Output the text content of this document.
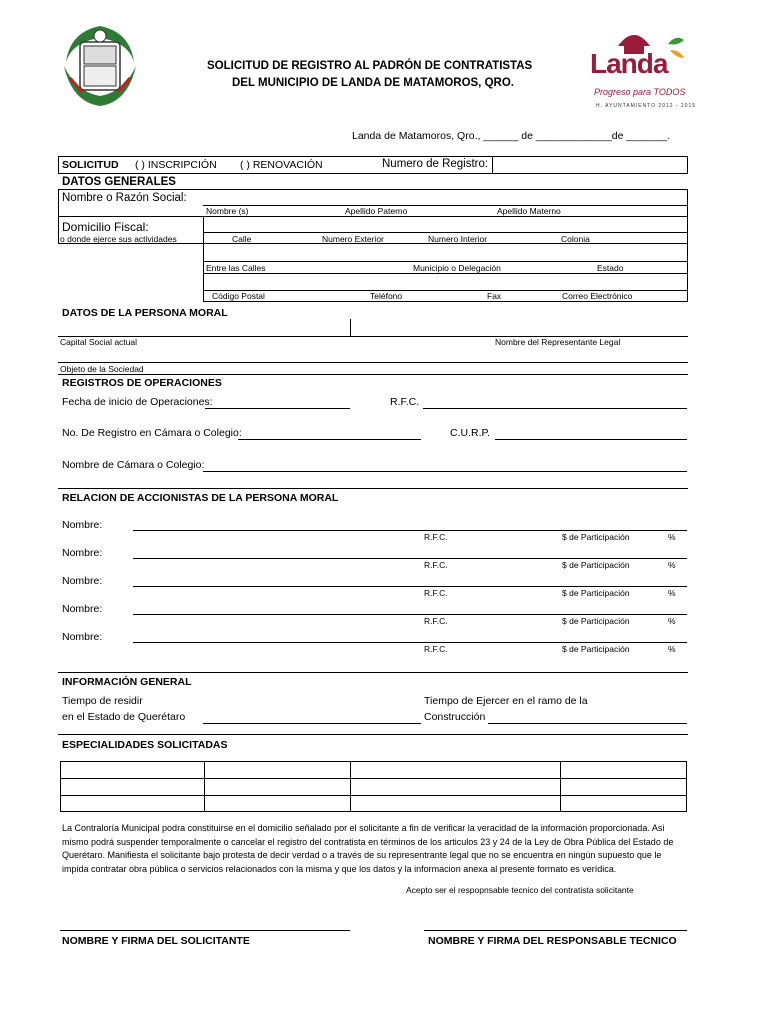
SOLICITUD DE REGISTRO AL PADRÓN DE CONTRATISTAS
DEL MUNICIPIO DE LANDA DE MATAMOROS, QRO.
Landa
Progreso para TODOS
H. AYUNTAMIENTO 2012 - 2015
Landa de Matamoros, Qro., ______ de _____________de _______.
SOLICITUD ( ) INSCRIPCIÓN ( ) RENOVACIÓN	Numero de Registro:
DATOS GENERALES
Nombre o Razón Social:
Nombre (s)	Apellido Paterno	Apellido Materno
Domicilio Fiscal:
o donde ejerce sus actividades	Calle	Numero Exterior	Numero Interior	Colonia
Entre las Calles	Municipio o Delegación	Estado
Código Postal	Teléfono	Fax	Correo Electrónico
DATOS DE LA PERSONA MORAL
Capital Social actual	Nombre del Representante Legal
Objeto de la Sociedad
REGISTROS DE OPERACIONES
Fecha de inicio de Operaciones:	R.F.C.
No. De Registro en Cámara o Colegio:	C.U.R.P.
Nombre de Cámara o Colegio:
RELACION DE ACCIONISTAS DE LA PERSONA MORAL
Nombre:
R.F.C.	$ de Participación	%
Nombre:
R.F.C.	$ de Participación	%
Nombre:
R.F.C.	$ de Participación	%
Nombre:
R.F.C.	$ de Participación	%
Nombre:
R.F.C.	$ de Participación	%
INFORMACIÓN GENERAL
Tiempo de residir
en el Estado de Querétaro
Tiempo de Ejercer en el ramo de la
Construcción
ESPECIALIDADES SOLICITADAS
La Contraloría Municipal podra constituirse en el domicilio señalado por el solicitante a fin de verificar la veracidad de la información proporcionada. Asi mismo podrá suspender temporalmente o cancelar el registro del contratista en términos de los articulos 23 y 24 de la Ley de Obra Pública del Estado de Querétaro. Manifiesta el solicitante bajo protesta de decir verdad o a través de su representrante legal que no se encuentra en ningún supuesto que le impida contratar obra pública o servicios relacionados con la misma y que los datos y la informacion anexa al presente formato es verídica.
Acepto ser el respopnsable tecnico del contratista solicitante
NOMBRE Y FIRMA DEL SOLICITANTE	NOMBRE Y FIRMA DEL RESPONSABLE TECNICO
